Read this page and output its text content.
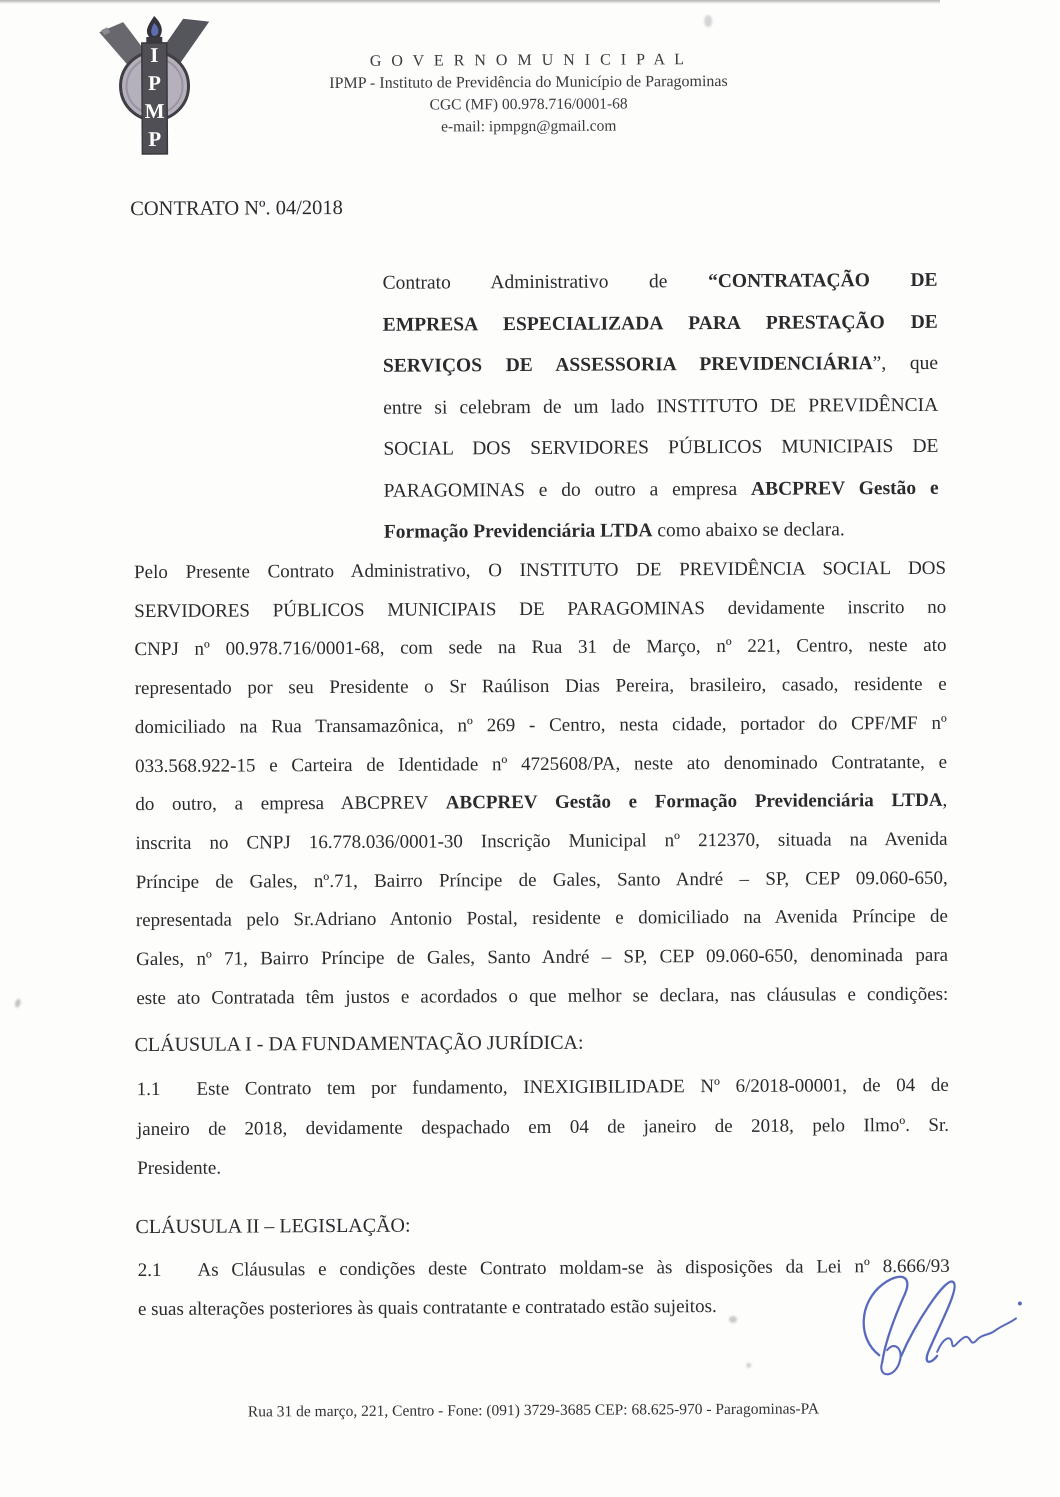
I
P
M
P
G O V E R N O M U N I C I P A L
IPMP - Instituto de Previdência do Município de Paragominas
CGC (MF) 00.978.716/0001-68
e-mail: ipmpgn@gmail.com
CONTRATO Nº. 04/2018
Contrato Administrativo de “CONTRATAÇÃO DE
EMPRESA ESPECIALIZADA PARA PRESTAÇÃO DE
SERVIÇOS DE ASSESSORIA PREVIDENCIÁRIA”, que
entre si celebram de um lado INSTITUTO DE PREVIDÊNCIA
SOCIAL DOS SERVIDORES PÚBLICOS MUNICIPAIS DE
PARAGOMINAS e do outro a empresa ABCPREV Gestão e
Formação Previdenciária LTDA como abaixo se declara.
Pelo Presente Contrato Administrativo, O INSTITUTO DE PREVIDÊNCIA SOCIAL DOS
SERVIDORES PÚBLICOS MUNICIPAIS DE PARAGOMINAS devidamente inscrito no
CNPJ nº 00.978.716/0001-68, com sede na Rua 31 de Março, nº 221, Centro, neste ato
representado por seu Presidente o Sr Raúlison Dias Pereira, brasileiro, casado, residente e
domiciliado na Rua Transamazônica, nº 269 - Centro, nesta cidade, portador do CPF/MF nº
033.568.922-15 e Carteira de Identidade nº 4725608/PA, neste ato denominado Contratante, e
do outro, a empresa ABCPREV ABCPREV Gestão e Formação Previdenciária LTDA,
inscrita no CNPJ 16.778.036/0001-30 Inscrição Municipal nº 212370, situada na Avenida
Príncipe de Gales, nº.71, Bairro Príncipe de Gales, Santo André – SP, CEP 09.060-650,
representada pelo Sr.Adriano Antonio Postal, residente e domiciliado na Avenida Príncipe de
Gales, nº 71, Bairro Príncipe de Gales, Santo André – SP, CEP 09.060-650, denominada para
este ato Contratada têm justos e acordados o que melhor se declara, nas cláusulas e condições:
CLÁUSULA I - DA FUNDAMENTAÇÃO JURÍDICA:
1.1 Este Contrato tem por fundamento, INEXIGIBILIDADE Nº 6/2018-00001, de 04 de
janeiro de 2018, devidamente despachado em 04 de janeiro de 2018, pelo Ilmoº. Sr.
Presidente.
CLÁUSULA II – LEGISLAÇÃO:
2.1 As Cláusulas e condições deste Contrato moldam-se às disposições da Lei nº 8.666/93
e suas alterações posteriores às quais contratante e contratado estão sujeitos.
Rua 31 de março, 221, Centro - Fone: (091) 3729-3685 CEP: 68.625-970 - Paragominas-PA
